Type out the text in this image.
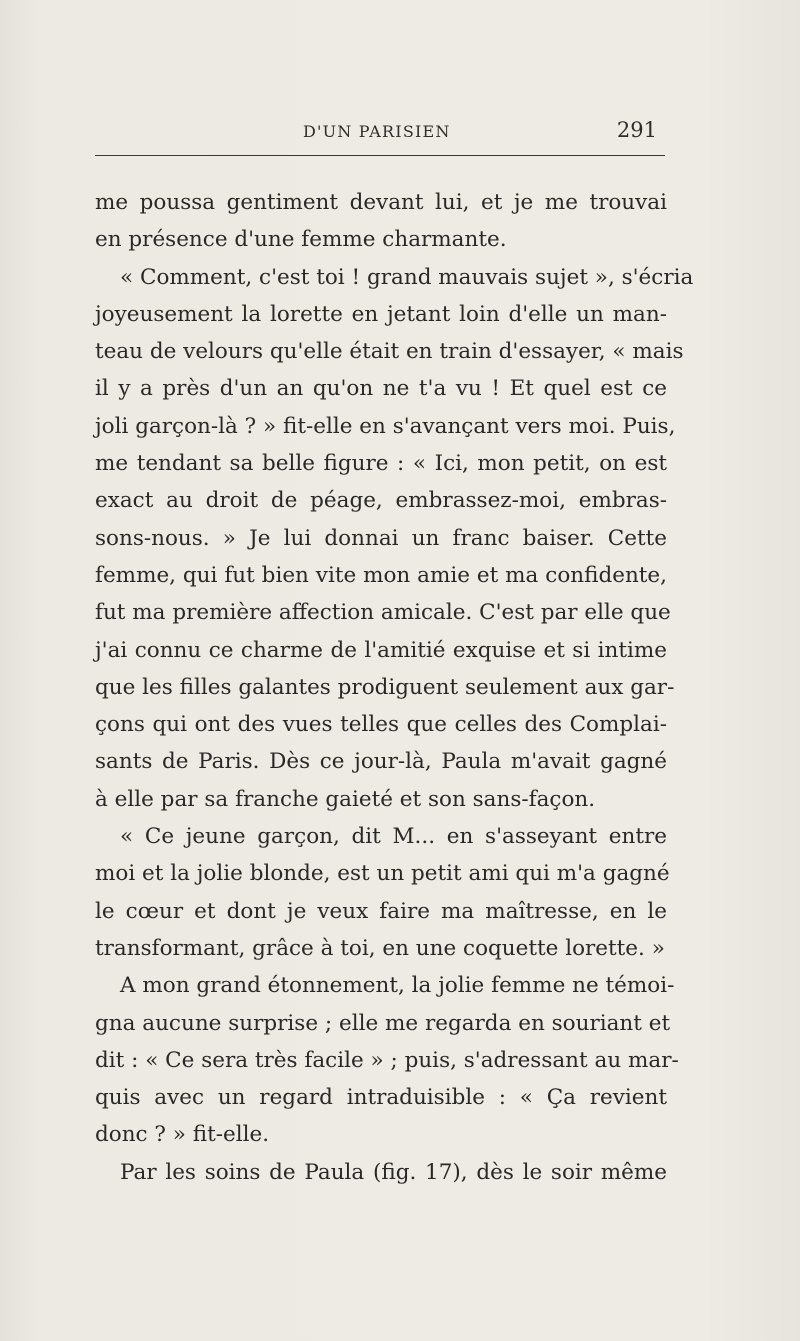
D'UN PARISIEN	291
me poussa gentiment devant lui, et je me trouvai
en présence d'une femme charmante.
« Comment, c'est toi ! grand mauvais sujet », s'écria
joyeusement la lorette en jetant loin d'elle un man-
teau de velours qu'elle était en train d'essayer, « mais
il y a près d'un an qu'on ne t'a vu ! Et quel est ce
joli garçon-là ? » fit-elle en s'avançant vers moi. Puis,
me tendant sa belle figure : « Ici, mon petit, on est
exact au droit de péage, embrassez-moi, embras-
sons-nous. » Je lui donnai un franc baiser. Cette
femme, qui fut bien vite mon amie et ma confidente,
fut ma première affection amicale. C'est par elle que
j'ai connu ce charme de l'amitié exquise et si intime
que les filles galantes prodiguent seulement aux gar-
çons qui ont des vues telles que celles des Complai-
sants de Paris. Dès ce jour-là, Paula m'avait gagné
à elle par sa franche gaieté et son sans-façon.
« Ce jeune garçon, dit M... en s'asseyant entre
moi et la jolie blonde, est un petit ami qui m'a gagné
le cœur et dont je veux faire ma maîtresse, en le
transformant, grâce à toi, en une coquette lorette. »
A mon grand étonnement, la jolie femme ne témoi-
gna aucune surprise ; elle me regarda en souriant et
dit : « Ce sera très facile » ; puis, s'adressant au mar-
quis avec un regard intraduisible : « Ça revient
donc ? » fit-elle.
Par les soins de Paula (fig. 17), dès le soir même
